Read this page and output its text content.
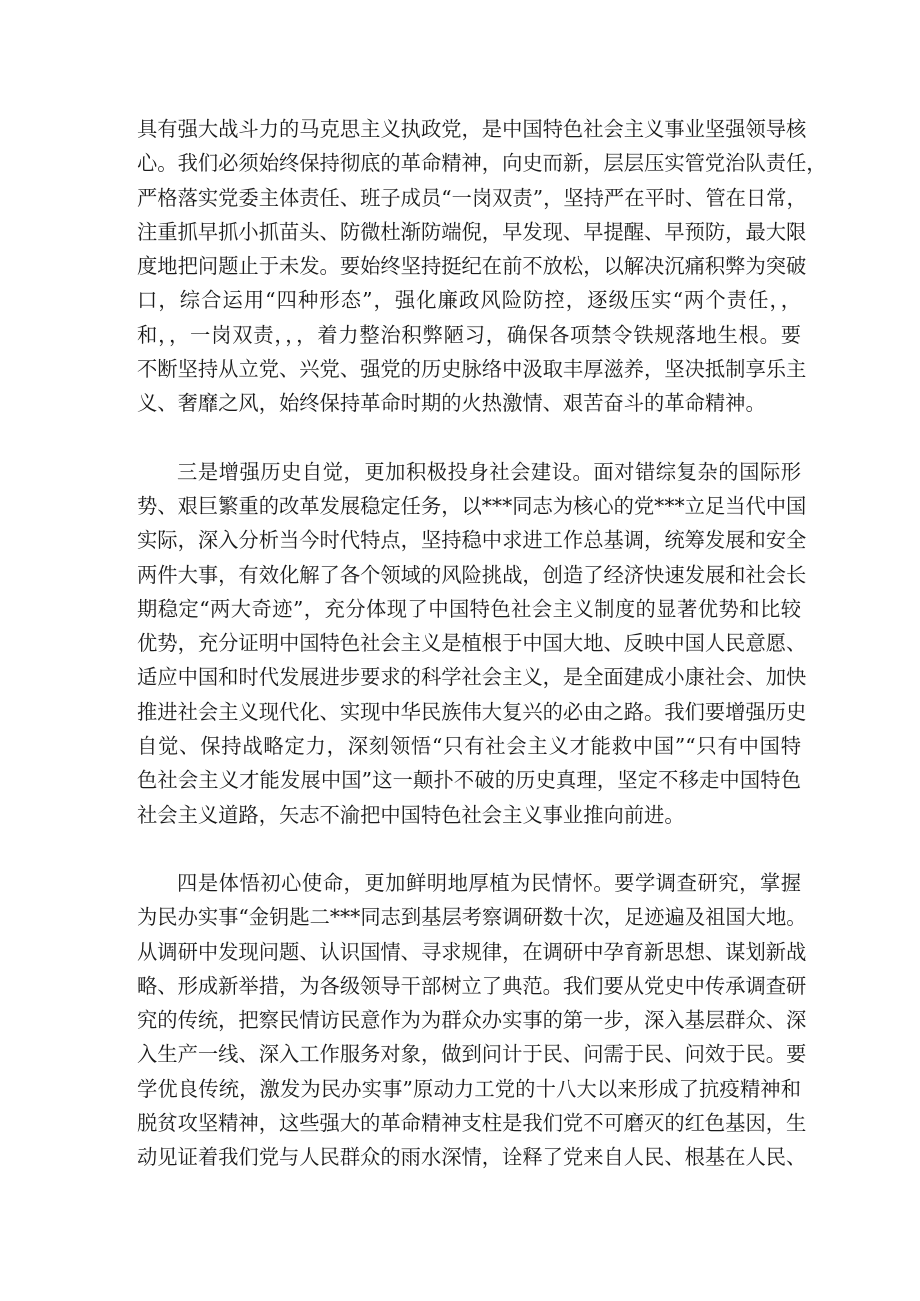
具有强大战斗力的马克思主义执政党，是中国特色社会主义事业坚强领导核
心。我们必须始终保持彻底的革命精神，向史而新，层层压实管党治队责任，
严格落实党委主体责任、班子成员“一岗双责”，坚持严在平时、管在日常，
注重抓早抓小抓苗头、防微杜渐防端倪，早发现、早提醒、早预防，最大限
度地把问题止于未发。要始终坚持挺纪在前不放松，以解决沉痛积弊为突破
口，综合运用“四种形态”，强化廉政风险防控，逐级压实“两个责任，，
和，，一岗双责，，，着力整治积弊陋习，确保各项禁令铁规落地生根。要
不断坚持从立党、兴党、强党的历史脉络中汲取丰厚滋养，坚决抵制享乐主
义、奢靡之风，始终保持革命时期的火热激情、艰苦奋斗的革命精神。

三是增强历史自觉，更加积极投身社会建设。面对错综复杂的国际形
势、艰巨繁重的改革发展稳定任务，以***同志为核心的党***立足当代中国
实际，深入分析当今时代特点，坚持稳中求进工作总基调，统筹发展和安全
两件大事，有效化解了各个领域的风险挑战，创造了经济快速发展和社会长
期稳定“两大奇迹”，充分体现了中国特色社会主义制度的显著优势和比较
优势，充分证明中国特色社会主义是植根于中国大地、反映中国人民意愿、
适应中国和时代发展进步要求的科学社会主义，是全面建成小康社会、加快
推进社会主义现代化、实现中华民族伟大复兴的必由之路。我们要增强历史
自觉、保持战略定力，深刻领悟“只有社会主义才能救中国”“只有中国特
色社会主义才能发展中国”这一颠扑不破的历史真理，坚定不移走中国特色
社会主义道路，矢志不渝把中国特色社会主义事业推向前进。

四是体悟初心使命，更加鲜明地厚植为民情怀。要学调查研究，掌握
为民办实事“金钥匙二***同志到基层考察调研数十次，足迹遍及祖国大地。
从调研中发现问题、认识国情、寻求规律，在调研中孕育新思想、谋划新战
略、形成新举措，为各级领导干部树立了典范。我们要从党史中传承调查研
究的传统，把察民情访民意作为为群众办实事的第一步，深入基层群众、深
入生产一线、深入工作服务对象，做到问计于民、问需于民、问效于民。要
学优良传统，激发为民办实事”原动力工党的十八大以来形成了抗疫精神和
脱贫攻坚精神，这些强大的革命精神支柱是我们党不可磨灭的红色基因，生
动见证着我们党与人民群众的雨水深情，诠释了党来自人民、根基在人民、
